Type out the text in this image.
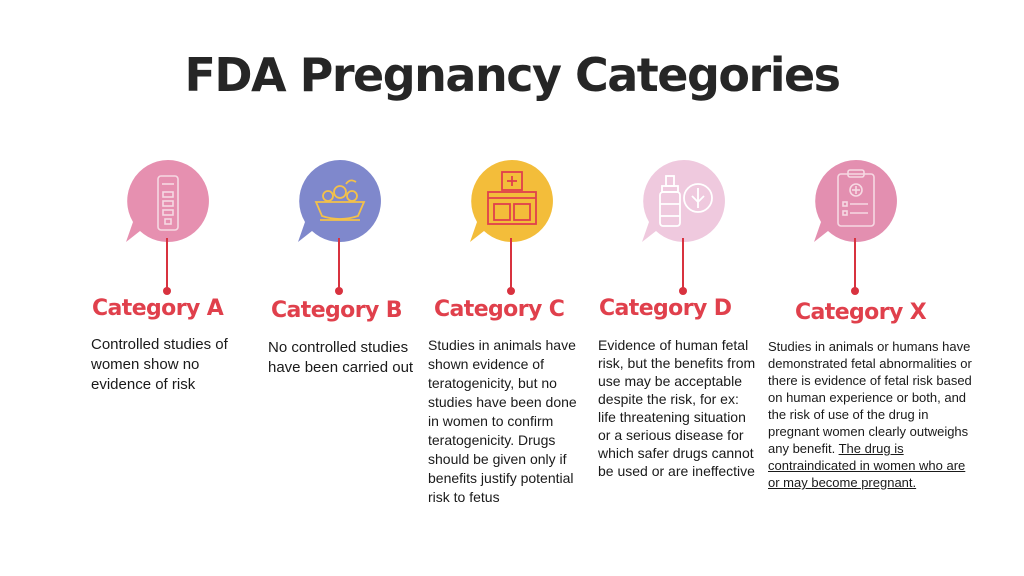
FDA Pregnancy Categories
Category A
Controlled studies of women show no evidence of risk
Category B
No controlled studies have been carried out
Category C
Studies in animals have shown evidence of teratogenicity, but no studies have been done in women to confirm teratogenicity. Drugs should be given only if benefits justify potential risk to fetus
Category D
Evidence of human fetal risk, but the benefits from use may be acceptable despite the risk, for ex: life threatening situation or a serious disease for which safer drugs cannot be used or are ineffective
Category X
Studies in animals or humans have demonstrated fetal abnormalities or there is evidence of fetal risk based on human experience or both, and the risk of use of the drug in pregnant women clearly outweighs any benefit. The drug is contraindicated in women who are or may become pregnant.
